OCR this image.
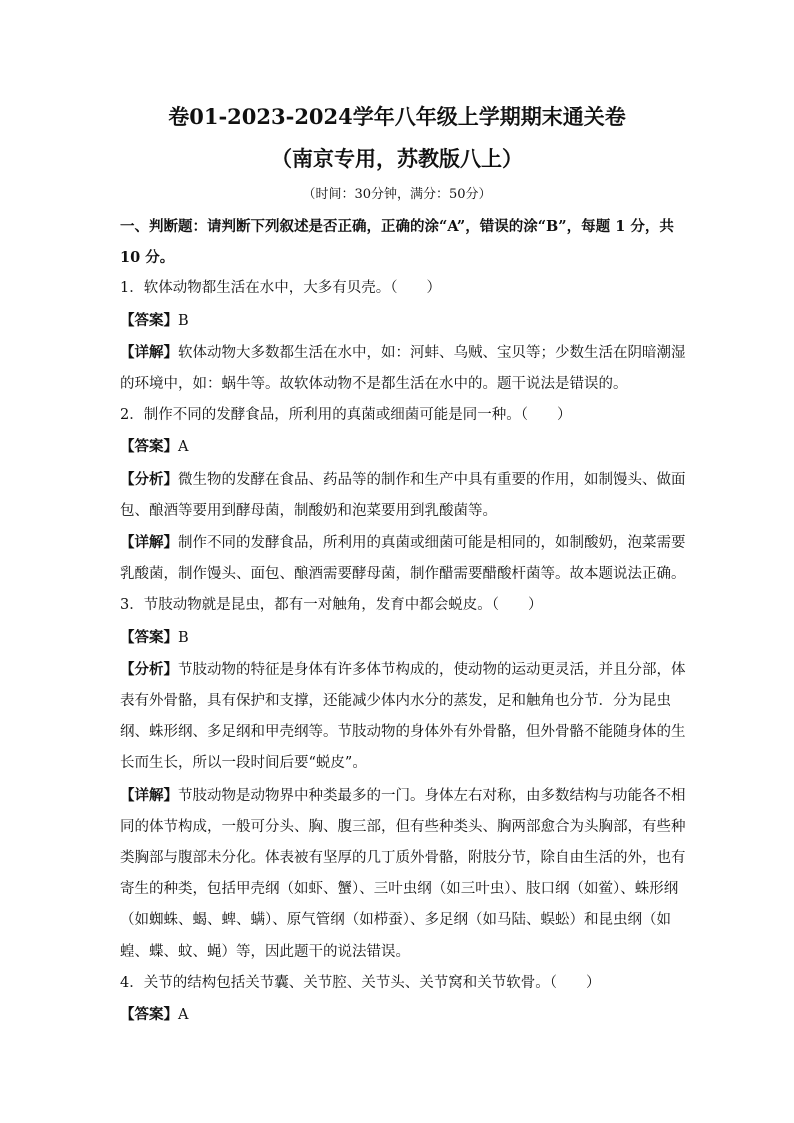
卷01-2023-2024学年八年级上学期期末通关卷
（南京专用，苏教版八上）
（时间：30分钟，满分：50分）

一、判断题：请判断下列叙述是否正确，正确的涂“A”，错误的涂“B”，每题 1 分，共 10 分。

1．软体动物都生活在水中，大多有贝壳。（　　）

【答案】B

【详解】软体动物大多数都生活在水中，如：河蚌、乌贼、宝贝等；少数生活在阴暗潮湿的环境中，如：蜗牛等。故软体动物不是都生活在水中的。题干说法是错误的。

2．制作不同的发酵食品，所利用的真菌或细菌可能是同一种。（　　）

【答案】A

【分析】微生物的发酵在食品、药品等的制作和生产中具有重要的作用，如制馒头、做面包、酿酒等要用到酵母菌，制酸奶和泡菜要用到乳酸菌等。

【详解】制作不同的发酵食品，所利用的真菌或细菌可能是相同的，如制酸奶，泡菜需要乳酸菌，制作馒头、面包、酿酒需要酵母菌，制作醋需要醋酸杆菌等。故本题说法正确。

3．节肢动物就是昆虫，都有一对触角，发育中都会蜕皮。（　　）

【答案】B

【分析】节肢动物的特征是身体有许多体节构成的，使动物的运动更灵活，并且分部，体表有外骨骼，具有保护和支撑，还能减少体内水分的蒸发，足和触角也分节．分为昆虫纲、蛛形纲、多足纲和甲壳纲等。节肢动物的身体外有外骨骼，但外骨骼不能随身体的生长而生长，所以一段时间后要“蜕皮”。

【详解】节肢动物是动物界中种类最多的一门。身体左右对称，由多数结构与功能各不相同的体节构成，一般可分头、胸、腹三部，但有些种类头、胸两部愈合为头胸部，有些种类胸部与腹部未分化。体表被有坚厚的几丁质外骨骼，附肢分节，除自由生活的外，也有寄生的种类，包括甲壳纲（如虾、蟹）、三叶虫纲（如三叶虫）、肢口纲（如鲎）、蛛形纲（如蜘蛛、蝎、蜱、螨）、原气管纲（如栉蚕）、多足纲（如马陆、蜈蚣）和昆虫纲（如蝗、蝶、蚊、蝇）等，因此题干的说法错误。

4．关节的结构包括关节囊、关节腔、关节头、关节窝和关节软骨。（　　）

【答案】A
